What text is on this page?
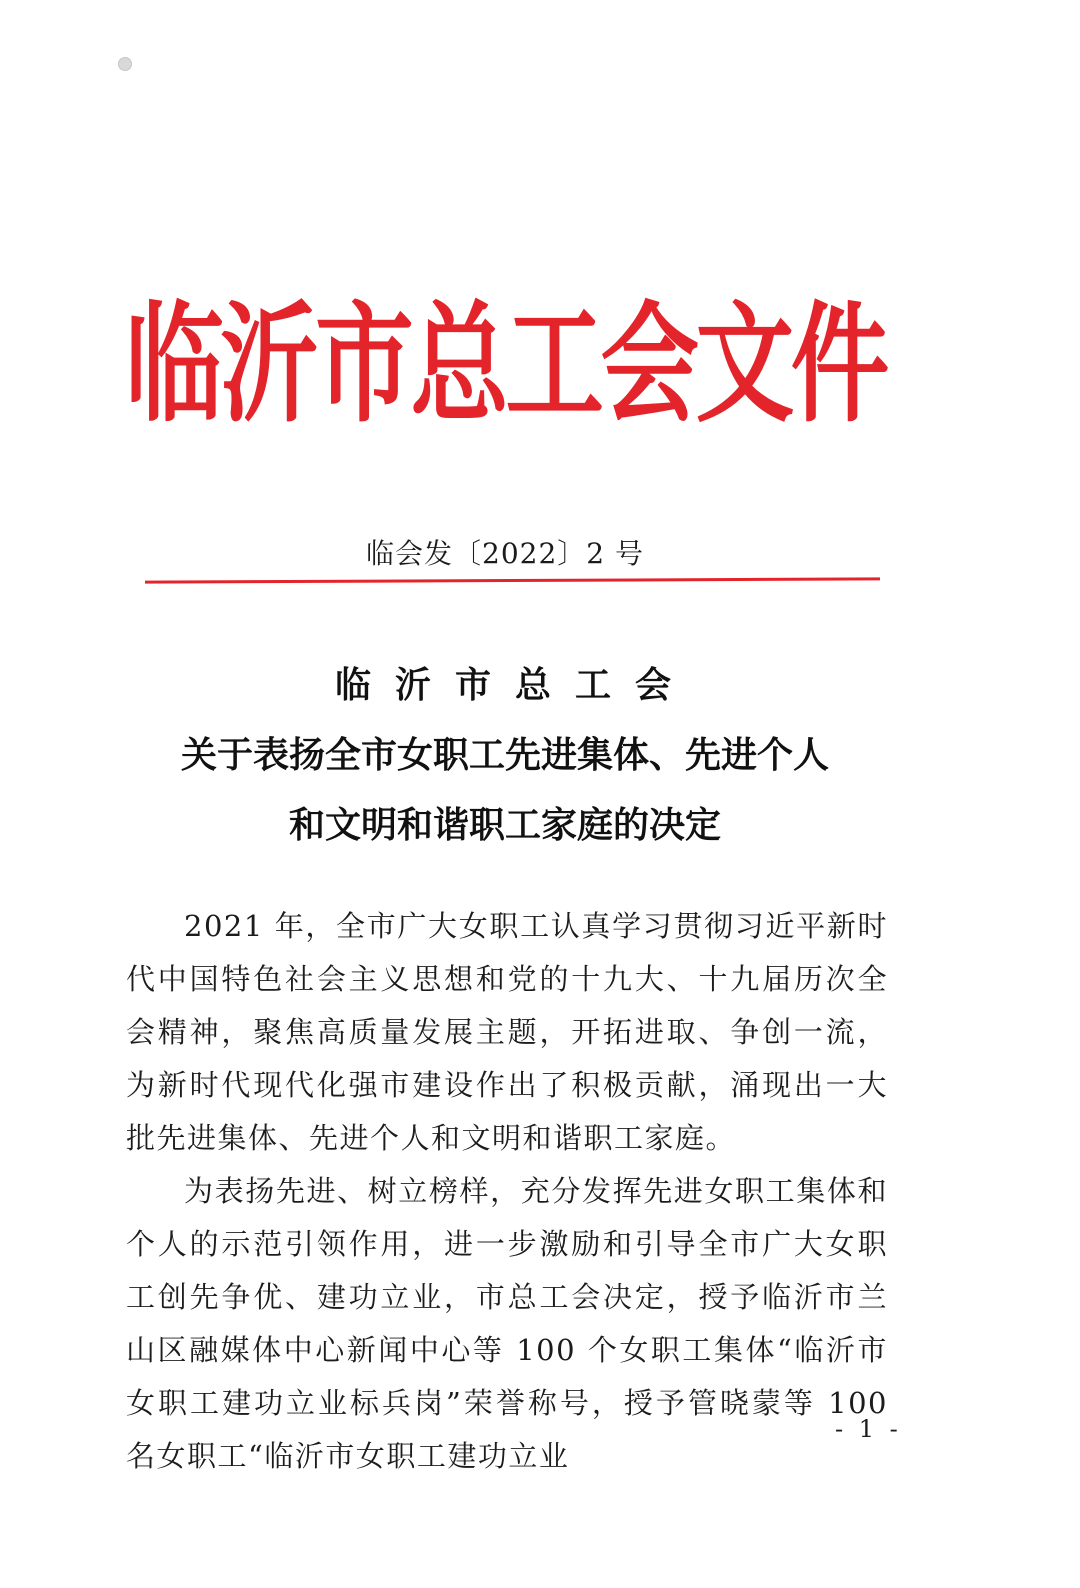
临沂市总工会文件
临会发〔2022〕2 号
临沂市总工会
关于表扬全市女职工先进集体、先进个人
和文明和谐职工家庭的决定

2021 年，全市广大女职工认真学习贯彻习近平新时代中国特色社会主义思想和党的十九大、十九届历次全会精神，聚焦高质量发展主题，开拓进取、争创一流，为新时代现代化强市建设作出了积极贡献，涌现出一大批先进集体、先进个人和文明和谐职工家庭。

为表扬先进、树立榜样，充分发挥先进女职工集体和个人的示范引领作用，进一步激励和引导全市广大女职工创先争优、建功立业，市总工会决定，授予临沂市兰山区融媒体中心新闻中心等 100 个女职工集体“临沂市女职工建功立业标兵岗”荣誉称号，授予管晓蒙等 100 名女职工“临沂市女职工建功立业

- 1 -
